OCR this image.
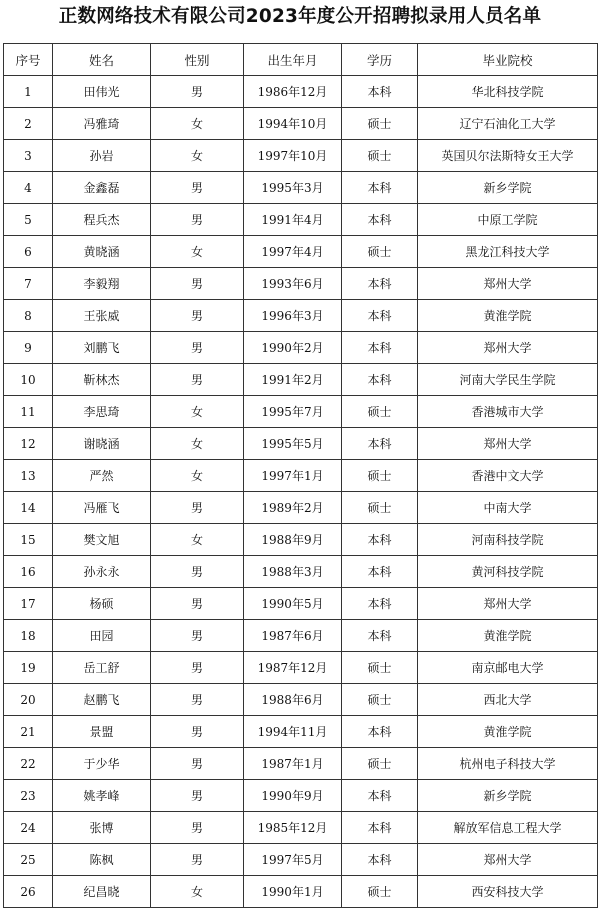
正数网络技术有限公司2023年度公开招聘拟录用人员名单
序号	姓名	性别	出生年月	学历	毕业院校
1	田伟光	男	1986年12月	本科	华北科技学院
2	冯雅琦	女	1994年10月	硕士	辽宁石油化工大学
3	孙岩	女	1997年10月	硕士	英国贝尔法斯特女王大学
4	金鑫磊	男	1995年3月	本科	新乡学院
5	程兵杰	男	1991年4月	本科	中原工学院
6	黄晓涵	女	1997年4月	硕士	黑龙江科技大学
7	李毅翔	男	1993年6月	本科	郑州大学
8	王张威	男	1996年3月	本科	黄淮学院
9	刘鹏飞	男	1990年2月	本科	郑州大学
10	靳林杰	男	1991年2月	本科	河南大学民生学院
11	李思琦	女	1995年7月	硕士	香港城市大学
12	谢晓涵	女	1995年5月	本科	郑州大学
13	严然	女	1997年1月	硕士	香港中文大学
14	冯雁飞	男	1989年2月	硕士	中南大学
15	樊文旭	女	1988年9月	本科	河南科技学院
16	孙永永	男	1988年3月	本科	黄河科技学院
17	杨硕	男	1990年5月	本科	郑州大学
18	田园	男	1987年6月	本科	黄淮学院
19	岳工舒	男	1987年12月	硕士	南京邮电大学
20	赵鹏飞	男	1988年6月	硕士	西北大学
21	景盟	男	1994年11月	本科	黄淮学院
22	于少华	男	1987年1月	硕士	杭州电子科技大学
23	姚孝峰	男	1990年9月	本科	新乡学院
24	张博	男	1985年12月	本科	解放军信息工程大学
25	陈枫	男	1997年5月	本科	郑州大学
26	纪昌晓	女	1990年1月	硕士	西安科技大学
